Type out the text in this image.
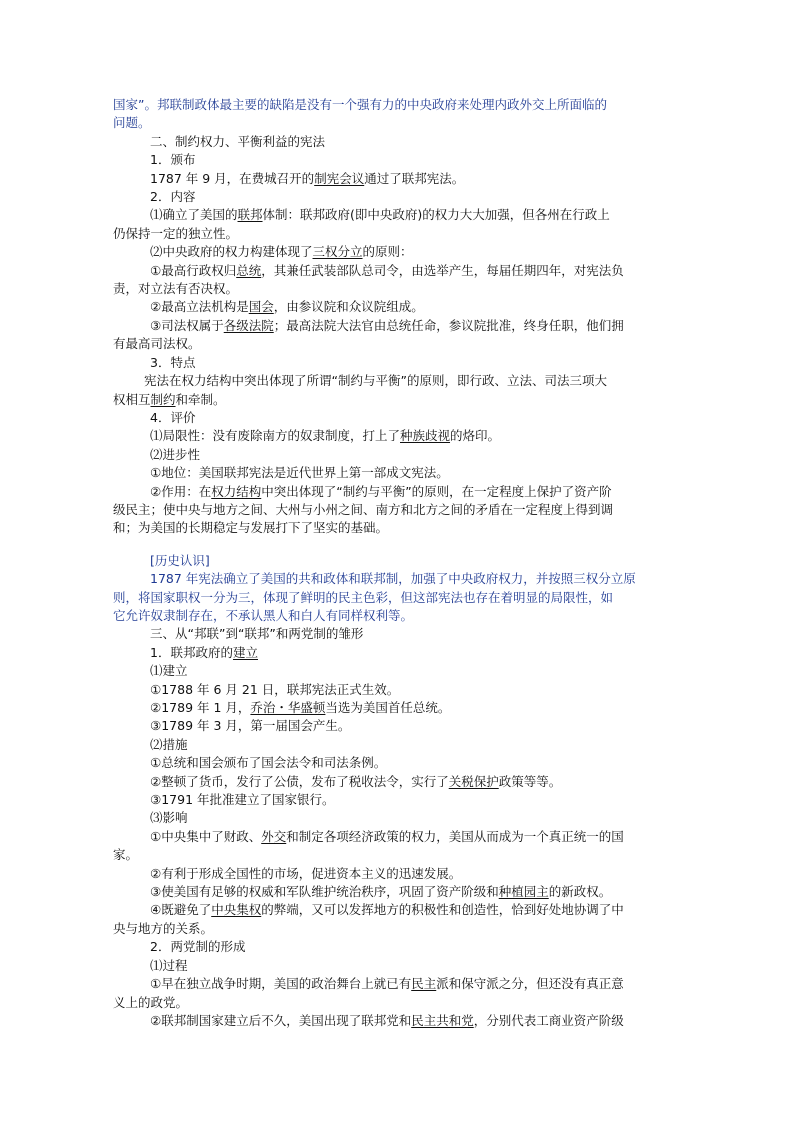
国家”。邦联制政体最主要的缺陷是没有一个强有力的中央政府来处理内政外交上所面临的

问题。

二、制约权力、平衡利益的宪法

1．颁布

1787 年 9 月，在费城召开的制宪会议通过了联邦宪法。

2．内容

⑴确立了美国的联邦体制：联邦政府(即中央政府)的权力大大加强，但各州在行政上

仍保持一定的独立性。

⑵中央政府的权力构建体现了三权分立的原则：

①最高行政权归总统，其兼任武装部队总司令，由选举产生，每届任期四年，对宪法负

责，对立法有否决权。

②最高立法机构是国会，由参议院和众议院组成。

③司法权属于各级法院；最高法院大法官由总统任命，参议院批准，终身任职，他们拥

有最高司法权。

3．特点

宪法在权力结构中突出体现了所谓“制约与平衡”的原则，即行政、立法、司法三项大

权相互制约和牵制。

4．评价

⑴局限性：没有废除南方的奴隶制度，打上了种族歧视的烙印。

⑵进步性

①地位：美国联邦宪法是近代世界上第一部成文宪法。

②作用：在权力结构中突出体现了“制约与平衡”的原则，在一定程度上保护了资产阶

级民主；使中央与地方之间、大州与小州之间、南方和北方之间的矛盾在一定程度上得到调

和；为美国的长期稳定与发展打下了坚实的基础。

[历史认识]

1787 年宪法确立了美国的共和政体和联邦制，加强了中央政府权力，并按照三权分立原

则，将国家职权一分为三，体现了鲜明的民主色彩，但这部宪法也存在着明显的局限性，如

它允许奴隶制存在，不承认黑人和白人有同样权利等。

三、从“邦联”到“联邦”和两党制的雏形

1．联邦政府的建立

⑴建立

①1788 年 6 月 21 日，联邦宪法正式生效。

②1789 年 1 月，乔治・华盛顿当选为美国首任总统。

③1789 年 3 月，第一届国会产生。

⑵措施

①总统和国会颁布了国会法令和司法条例。

②整顿了货币，发行了公债，发布了税收法令，实行了关税保护政策等等。

③1791 年批准建立了国家银行。

⑶影响

①中央集中了财政、外交和制定各项经济政策的权力，美国从而成为一个真正统一的国

家。

②有利于形成全国性的市场，促进资本主义的迅速发展。

③使美国有足够的权威和军队维护统治秩序，巩固了资产阶级和种植园主的新政权。

④既避免了中央集权的弊端，又可以发挥地方的积极性和创造性，恰到好处地协调了中

央与地方的关系。

2．两党制的形成

⑴过程

①早在独立战争时期，美国的政治舞台上就已有民主派和保守派之分，但还没有真正意

义上的政党。

②联邦制国家建立后不久，美国出现了联邦党和民主共和党，分别代表工商业资产阶级
